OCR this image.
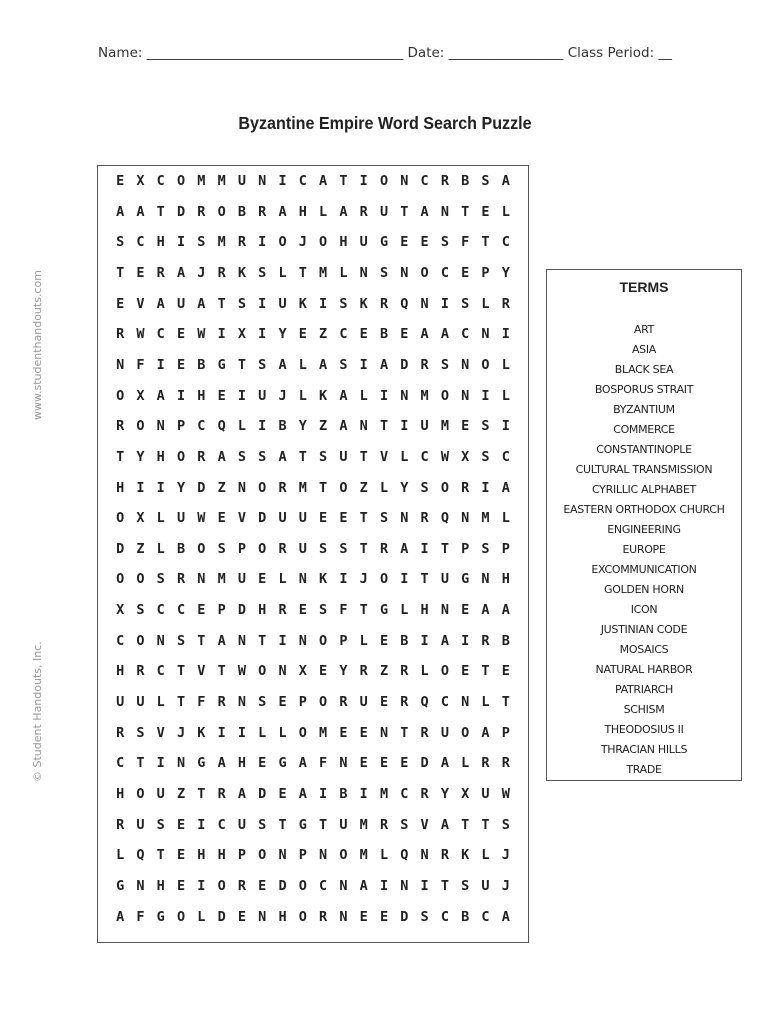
Name: ______________________________________ Date: _________________ Class Period: __
Byzantine Empire Word Search Puzzle
www.studenthandouts.com
© Student Handouts, Inc.
E X C O M M U N I C A T I O N C R B S A
A A T D R O B R A H L A R U T A N T E L
S C H I S M R I O J O H U G E E S F T C
T E R A J R K S L T M L N S N O C E P Y
E V A U A T S I U K I S K R Q N I S L R
R W C E W I X I Y E Z C E B E A A C N I
N F I E B G T S A L A S I A D R S N O L
O X A I H E I U J L K A L I N M O N I L
R O N P C Q L I B Y Z A N T I U M E S I
T Y H O R A S S A T S U T V L C W X S C
H I I Y D Z N O R M T O Z L Y S O R I A
O X L U W E V D U U E E T S N R Q N M L
D Z L B O S P O R U S S T R A I T P S P
O O S R N M U E L N K I J O I T U G N H
X S C C E P D H R E S F T G L H N E A A
C O N S T A N T I N O P L E B I A I R B
H R C T V T W O N X E Y R Z R L O E T E
U U L T F R N S E P O R U E R Q C N L T
R S V J K I I L L O M E E N T R U O A P
C T I N G A H E G A F N E E E D A L R R
H O U Z T R A D E A I B I M C R Y X U W
R U S E I C U S T G T U M R S V A T T S
L Q T E H H P O N P N O M L Q N R K L J
G N H E I O R E D O C N A I N I T S U J
A F G O L D E N H O R N E E D S C B C A
TERMS
ART
ASIA
BLACK SEA
BOSPORUS STRAIT
BYZANTIUM
COMMERCE
CONSTANTINOPLE
CULTURAL TRANSMISSION
CYRILLIC ALPHABET
EASTERN ORTHODOX CHURCH
ENGINEERING
EUROPE
EXCOMMUNICATION
GOLDEN HORN
ICON
JUSTINIAN CODE
MOSAICS
NATURAL HARBOR
PATRIARCH
SCHISM
THEODOSIUS II
THRACIAN HILLS
TRADE
